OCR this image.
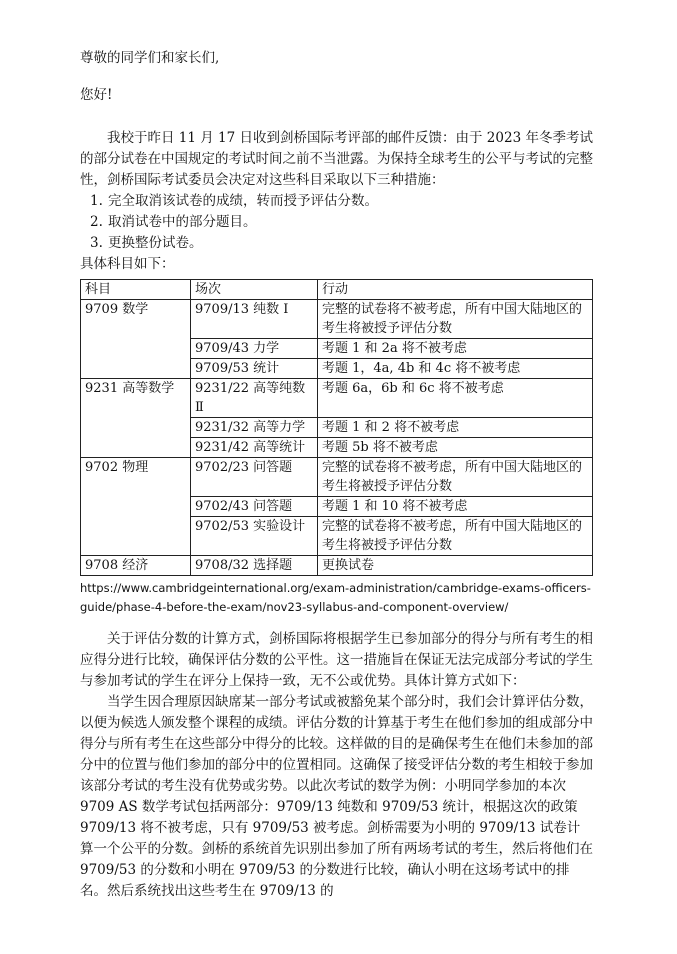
尊敬的同学们和家长们,

您好!

我校于昨日 11 月 17 日收到剑桥国际考评部的邮件反馈：由于 2023 年冬季考试的部分试卷在中国规定的考试时间之前不当泄露。为保持全球考生的公平与考试的完整性，剑桥国际考试委员会决定对这些科目采取以下三种措施：

1. 完全取消该试卷的成绩，转而授予评估分数。
2. 取消试卷中的部分题目。
3. 更换整份试卷。

具体科目如下：

科目	场次	行动
9709 数学	9709/13 纯数 Ⅰ	完整的试卷将不被考虑，所有中国大陆地区的考生将被授予评估分数
	9709/43 力学	考题 1 和 2a 将不被考虑
	9709/53 统计	考题 1，4a, 4b 和 4c 将不被考虑
9231 高等数学	9231/22 高等纯数 Ⅱ	考题 6a，6b 和 6c 将不被考虑
	9231/32 高等力学	考题 1 和 2 将不被考虑
	9231/42 高等统计	考题 5b 将不被考虑
9702 物理	9702/23 问答题	完整的试卷将不被考虑，所有中国大陆地区的考生将被授予评估分数
	9702/43 问答题	考题 1 和 10 将不被考虑
	9702/53 实验设计	完整的试卷将不被考虑，所有中国大陆地区的考生将被授予评估分数
9708 经济	9708/32 选择题	更换试卷

https://www.cambridgeinternational.org/exam-administration/cambridge-exams-officers-guide/phase-4-before-the-exam/nov23-syllabus-and-component-overview/

关于评估分数的计算方式，剑桥国际将根据学生已参加部分的得分与所有考生的相应得分进行比较，确保评估分数的公平性。这一措施旨在保证无法完成部分考试的学生与参加考试的学生在评分上保持一致，无不公或优势。具体计算方式如下：

当学生因合理原因缺席某一部分考试或被豁免某个部分时，我们会计算评估分数，以便为候选人颁发整个课程的成绩。评估分数的计算基于考生在他们参加的组成部分中得分与所有考生在这些部分中得分的比较。这样做的目的是确保考生在他们未参加的部分中的位置与他们参加的部分中的位置相同。这确保了接受评估分数的考生相较于参加该部分考试的考生没有优势或劣势。以此次考试的数学为例：小明同学参加的本次 9709 AS 数学考试包括两部分：9709/13 纯数和 9709/53 统计，根据这次的政策 9709/13 将不被考虑，只有 9709/53 被考虑。剑桥需要为小明的 9709/13 试卷计算一个公平的分数。剑桥的系统首先识别出参加了所有两场考试的考生，然后将他们在 9709/53 的分数和小明在 9709/53 的分数进行比较，确认小明在这场考试中的排名。然后系统找出这些考生在 9709/13 的
